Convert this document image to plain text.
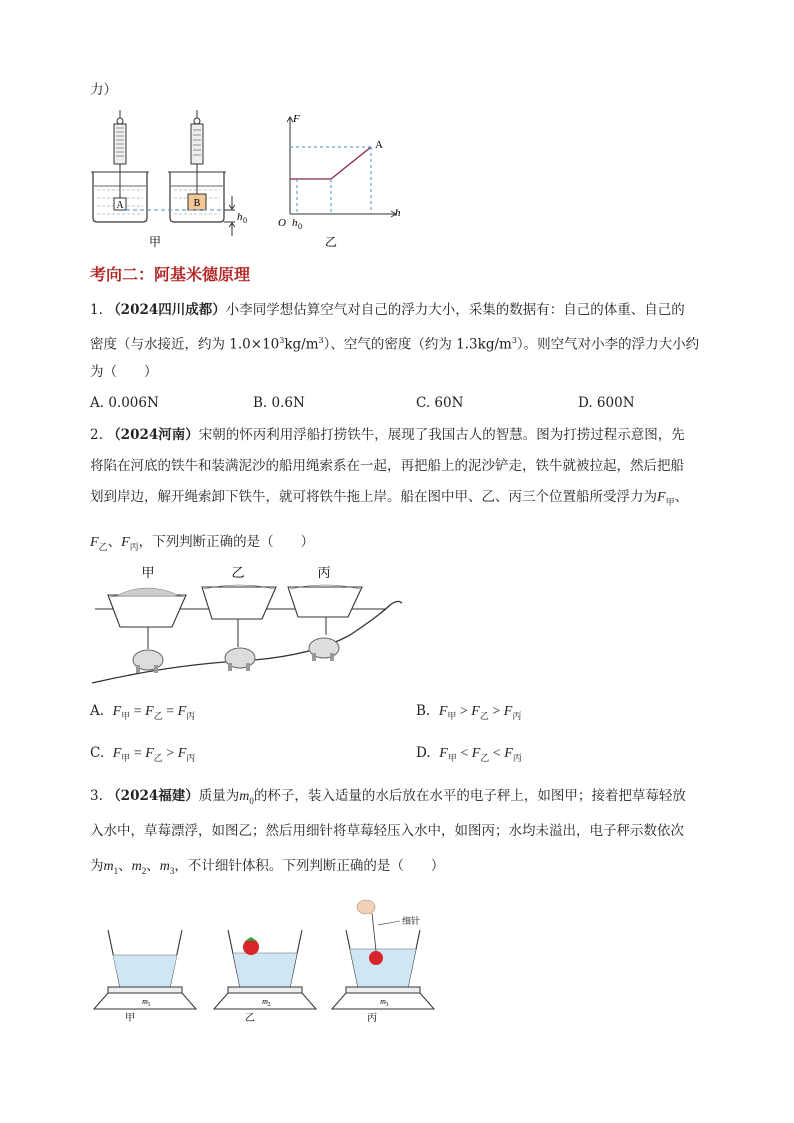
力）
A	B
h 0
甲
F
h
O
A
h 0
乙
考向二：阿基米德原理
1. （2024四川成都）小李同学想估算空气对自己的浮力大小，采集的数据有：自己的体重、自己的
密度（与水接近，约为 $1.0\times 10^3kg/m^3$）、空气的密度（约为 $1.3kg/m^3$）。则空气对小李的浮力大小约
为（　　）
A. 0.006N	B. 0.6N	C. 60N	D. 600N
2. （2024河南）宋朝的怀丙利用浮船打捞铁牛，展现了我国古人的智慧。图为打捞过程示意图，先
将陷在河底的铁牛和装满泥沙的船用绳索系在一起，再把船上的泥沙铲走，铁牛就被拉起，然后把船
划到岸边，解开绳索卸下铁牛，就可将铁牛拖上岸。船在图中甲、乙、丙三个位置船所受浮力为$F_甲$、
$F_乙$、$F_丙$，下列判断正确的是（　　）
甲	乙	丙
A. $F_甲 = F_乙 = F_丙$	B. $F_甲 > F_乙 > F_丙$
C. $F_甲 = F_乙 > F_丙$	D. $F_甲 < F_乙 < F_丙$
3. （2024福建）质量为$m_0$的杯子，装入适量的水后放在水平的电子秤上，如图甲；接着把草莓轻放
入水中，草莓漂浮，如图乙；然后用细针将草莓轻压入水中，如图丙；水均未溢出，电子秤示数依次
为$m_1$、$m_2$、$m_3$，不计细针体积。下列判断正确的是（　　）
m 1
甲
m 2
乙
细针
m 3
丙
